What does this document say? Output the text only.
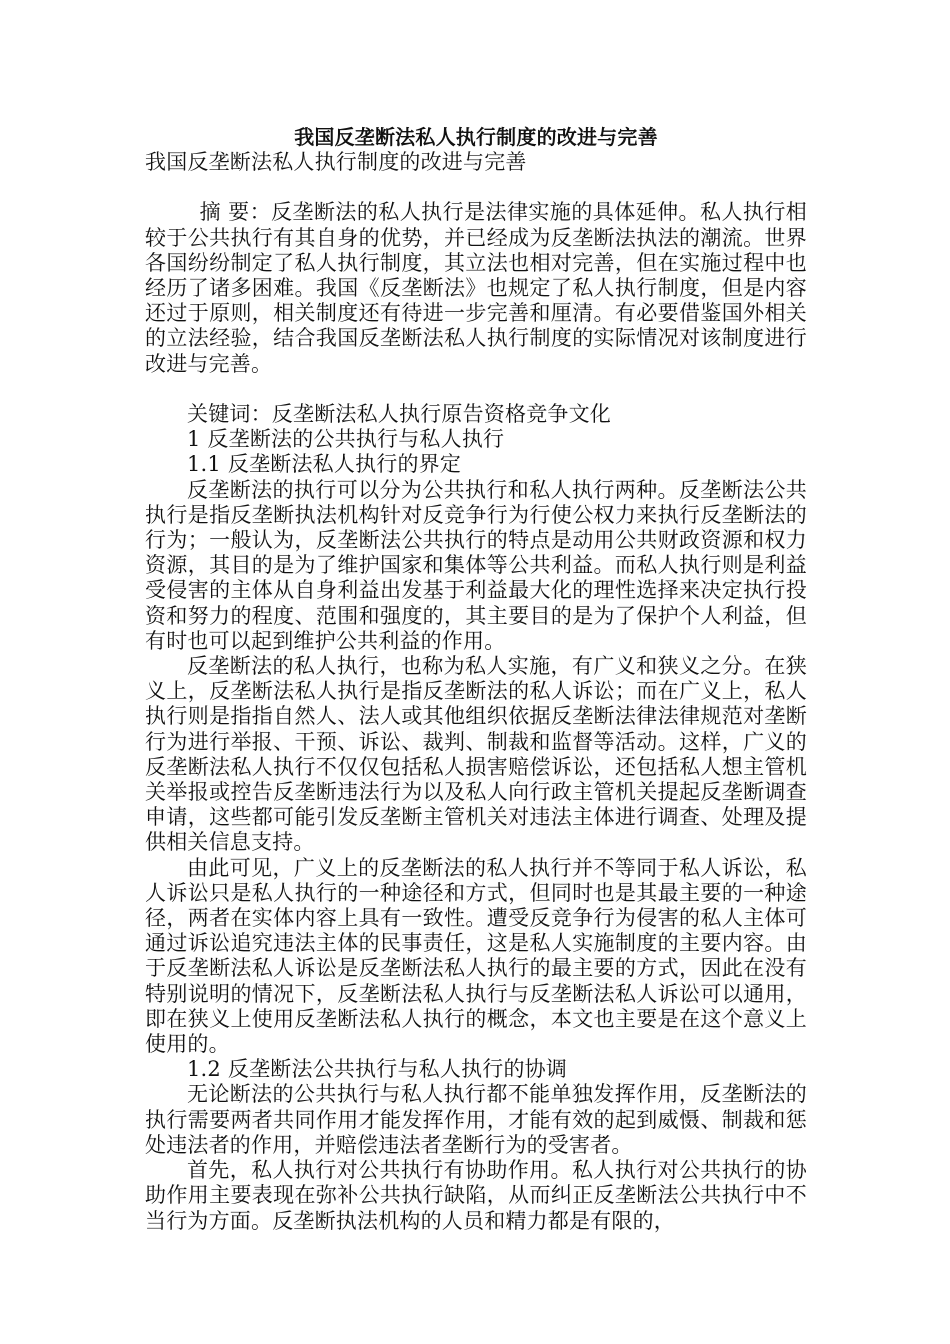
我国反垄断法私人执行制度的改进与完善

我国反垄断法私人执行制度的改进与完善

摘 要：反垄断法的私人执行是法律实施的具体延伸。私人执行相较于公共执行有其自身的优势，并已经成为反垄断法执法的潮流。世界各国纷纷制定了私人执行制度，其立法也相对完善，但在实施过程中也经历了诸多困难。我国《反垄断法》也规定了私人执行制度，但是内容还过于原则，相关制度还有待进一步完善和厘清。有必要借鉴国外相关的立法经验，结合我国反垄断法私人执行制度的实际情况对该制度进行改进与完善。

关键词：反垄断法私人执行原告资格竞争文化

1 反垄断法的公共执行与私人执行

1.1 反垄断法私人执行的界定

反垄断法的执行可以分为公共执行和私人执行两种。反垄断法公共执行是指反垄断执法机构针对反竞争行为行使公权力来执行反垄断法的行为；一般认为，反垄断法公共执行的特点是动用公共财政资源和权力资源，其目的是为了维护国家和集体等公共利益。而私人执行则是利益受侵害的主体从自身利益出发基于利益最大化的理性选择来决定执行投资和努力的程度、范围和强度的，其主要目的是为了保护个人利益，但有时也可以起到维护公共利益的作用。

反垄断法的私人执行，也称为私人实施，有广义和狭义之分。在狭义上，反垄断法私人执行是指反垄断法的私人诉讼；而在广义上，私人执行则是指指自然人、法人或其他组织依据反垄断法律法律规范对垄断行为进行举报、干预、诉讼、裁判、制裁和监督等活动。这样，广义的反垄断法私人执行不仅仅包括私人损害赔偿诉讼，还包括私人想主管机关举报或控告反垄断违法行为以及私人向行政主管机关提起反垄断调查申请，这些都可能引发反垄断主管机关对违法主体进行调查、处理及提供相关信息支持。

由此可见，广义上的反垄断法的私人执行并不等同于私人诉讼，私人诉讼只是私人执行的一种途径和方式，但同时也是其最主要的一种途径，两者在实体内容上具有一致性。遭受反竞争行为侵害的私人主体可通过诉讼追究违法主体的民事责任，这是私人实施制度的主要内容。由于反垄断法私人诉讼是反垄断法私人执行的最主要的方式，因此在没有特别说明的情况下，反垄断法私人执行与反垄断法私人诉讼可以通用，即在狭义上使用反垄断法私人执行的概念，本文也主要是在这个意义上使用的。

1.2 反垄断法公共执行与私人执行的协调

无论断法的公共执行与私人执行都不能单独发挥作用，反垄断法的执行需要两者共同作用才能发挥作用，才能有效的起到威慑、制裁和惩处违法者的作用，并赔偿违法者垄断行为的受害者。

首先，私人执行对公共执行有协助作用。私人执行对公共执行的协助作用主要表现在弥补公共执行缺陷，从而纠正反垄断法公共执行中不当行为方面。反垄断执法机构的人员和精力都是有限的，
